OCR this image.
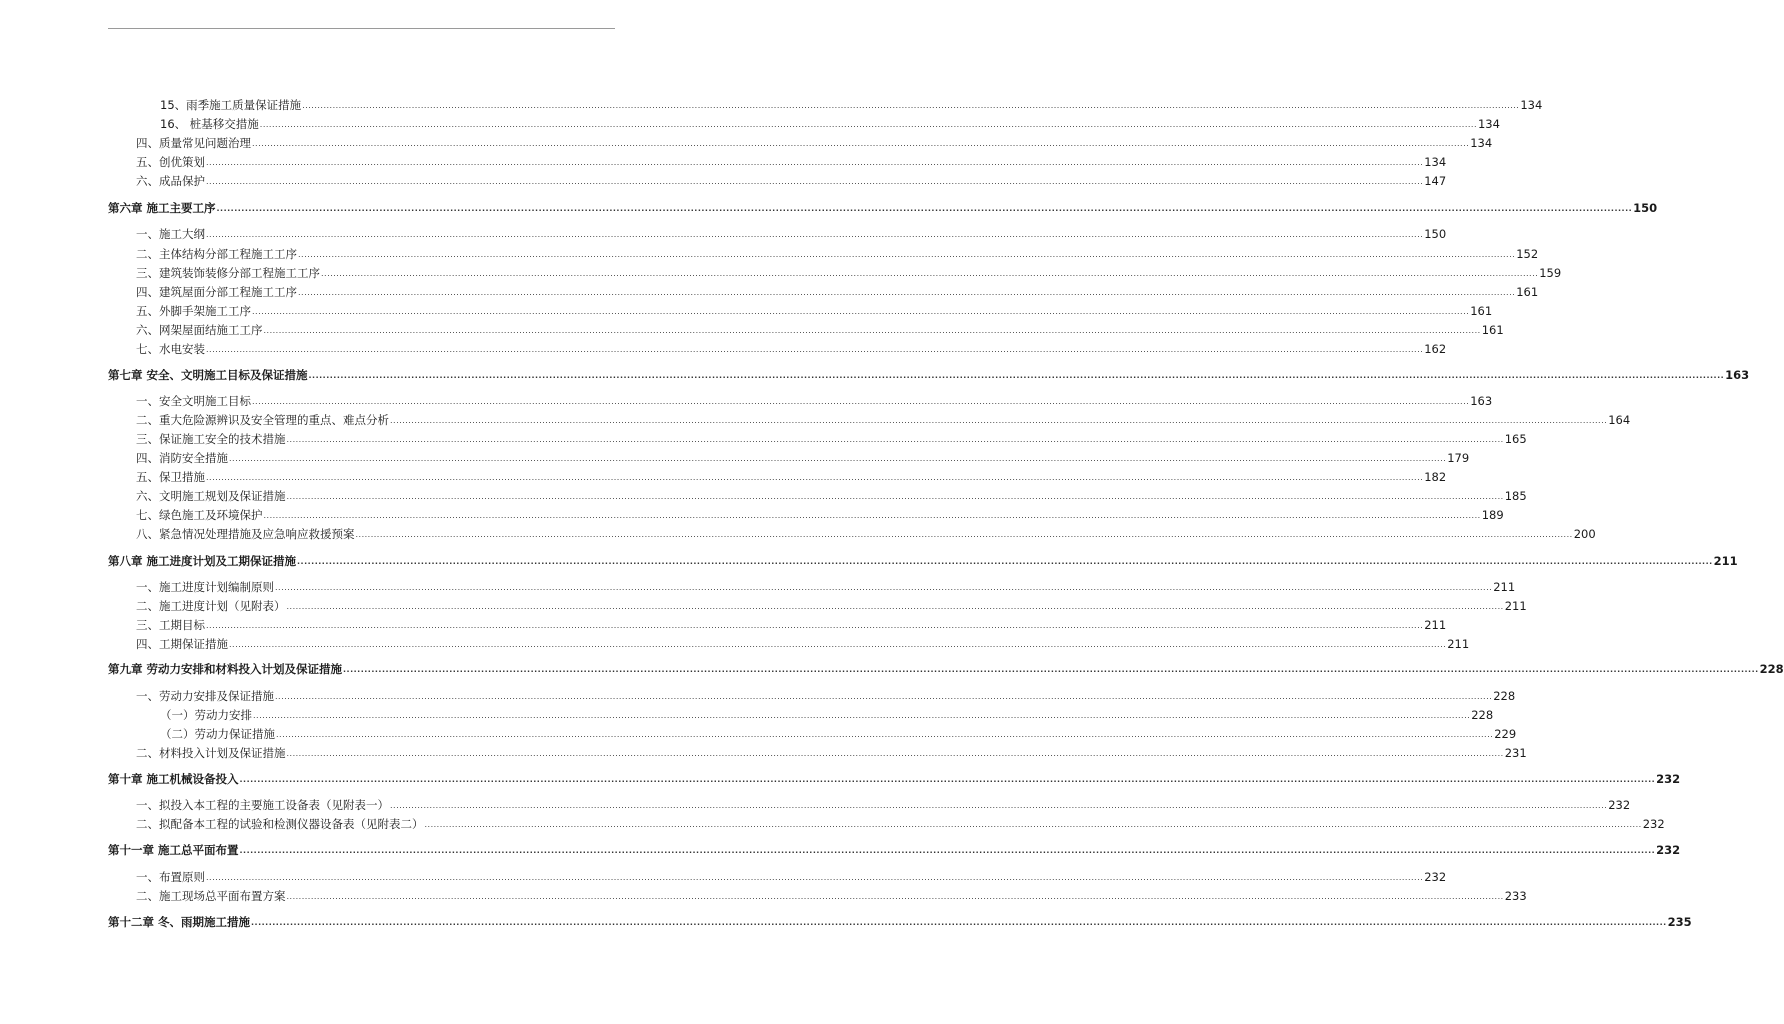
15、雨季施工质量保证措施 ................................................................................................................................................................................................................................................................................................................................................................................................................ 134
16、 桩基移交措施 ................................................................................................................................................................................................................................................................................................................................................................................................................ 134
四、质量常见问题治理 ................................................................................................................................................................................................................................................................................................................................................................................................................ 134
五、创优策划 ................................................................................................................................................................................................................................................................................................................................................................................................................ 134
六、成品保护 ................................................................................................................................................................................................................................................................................................................................................................................................................ 147
第六章 施工主要工序 ................................................................................................................................................................................................................................................................................................................................................................................................................ 150
一、施工大纲 ................................................................................................................................................................................................................................................................................................................................................................................................................ 150
二、主体结构分部工程施工工序 ................................................................................................................................................................................................................................................................................................................................................................................................................ 152
三、建筑装饰装修分部工程施工工序 ................................................................................................................................................................................................................................................................................................................................................................................................................ 159
四、建筑屋面分部工程施工工序 ................................................................................................................................................................................................................................................................................................................................................................................................................ 161
五、外脚手架施工工序 ................................................................................................................................................................................................................................................................................................................................................................................................................ 161
六、网架屋面结施工工序 ................................................................................................................................................................................................................................................................................................................................................................................................................ 161
七、水电安装 ................................................................................................................................................................................................................................................................................................................................................................................................................ 162
第七章 安全、文明施工目标及保证措施 ................................................................................................................................................................................................................................................................................................................................................................................................................ 163
一、安全文明施工目标 ................................................................................................................................................................................................................................................................................................................................................................................................................ 163
二、重大危险源辨识及安全管理的重点、难点分析 ................................................................................................................................................................................................................................................................................................................................................................................................................ 164
三、保证施工安全的技术措施 ................................................................................................................................................................................................................................................................................................................................................................................................................ 165
四、消防安全措施 ................................................................................................................................................................................................................................................................................................................................................................................................................ 179
五、保卫措施 ................................................................................................................................................................................................................................................................................................................................................................................................................ 182
六、文明施工规划及保证措施 ................................................................................................................................................................................................................................................................................................................................................................................................................ 185
七、绿色施工及环境保护 ................................................................................................................................................................................................................................................................................................................................................................................................................ 189
八、紧急情况处理措施及应急响应救援预案 ................................................................................................................................................................................................................................................................................................................................................................................................................ 200
第八章 施工进度计划及工期保证措施 ................................................................................................................................................................................................................................................................................................................................................................................................................ 211
一、施工进度计划编制原则 ................................................................................................................................................................................................................................................................................................................................................................................................................ 211
二、施工进度计划（见附表） ................................................................................................................................................................................................................................................................................................................................................................................................................ 211
三、工期目标 ................................................................................................................................................................................................................................................................................................................................................................................................................ 211
四、工期保证措施 ................................................................................................................................................................................................................................................................................................................................................................................................................ 211
第九章 劳动力安排和材料投入计划及保证措施 ................................................................................................................................................................................................................................................................................................................................................................................................................ 228
一、劳动力安排及保证措施 ................................................................................................................................................................................................................................................................................................................................................................................................................ 228
（一）劳动力安排 ................................................................................................................................................................................................................................................................................................................................................................................................................ 228
（二）劳动力保证措施 ................................................................................................................................................................................................................................................................................................................................................................................................................ 229
二、材料投入计划及保证措施 ................................................................................................................................................................................................................................................................................................................................................................................................................ 231
第十章 施工机械设备投入 ................................................................................................................................................................................................................................................................................................................................................................................................................ 232
一、拟投入本工程的主要施工设备表（见附表一） ................................................................................................................................................................................................................................................................................................................................................................................................................ 232
二、拟配备本工程的试验和检测仪器设备表（见附表二） ................................................................................................................................................................................................................................................................................................................................................................................................................ 232
第十一章 施工总平面布置 ................................................................................................................................................................................................................................................................................................................................................................................................................ 232
一、布置原则 ................................................................................................................................................................................................................................................................................................................................................................................................................ 232
二、施工现场总平面布置方案 ................................................................................................................................................................................................................................................................................................................................................................................................................ 233
第十二章 冬、雨期施工措施 ................................................................................................................................................................................................................................................................................................................................................................................................................ 235
